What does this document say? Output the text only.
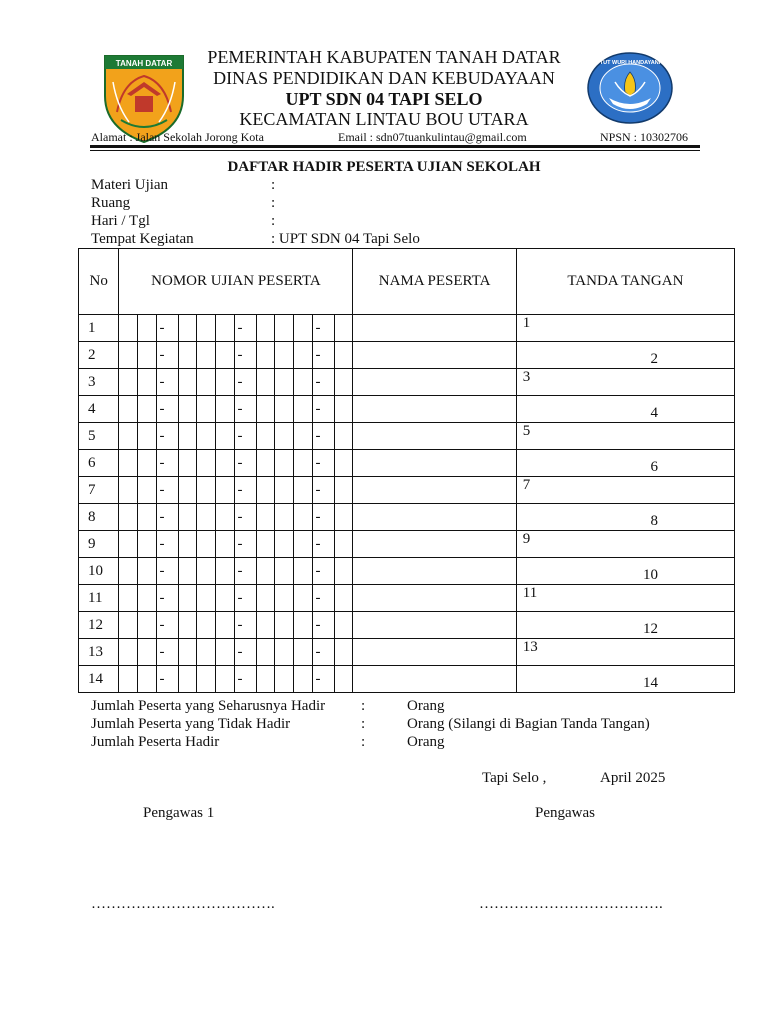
TANAH DATAR	TUT WURI HANDAYANI
PEMERINTAH KABUPATEN TANAH DATAR
DINAS PENDIDIKAN DAN KEBUDAYAAN
UPT SDN 04 TAPI SELO
KECAMATAN LINTAU BOU UTARA
Alamat : Jalan Sekolah Jorong Kota	Email : sdn07tuankulintau@gmail.com	NPSN : 10302706
DAFTAR HADIR PESERTA UJIAN SEKOLAH
Materi Ujian	:
Ruang	:
Hari / Tgl	:
Tempat Kegiatan	: UPT SDN 04 Tapi Selo
No	NOMOR UJIAN PESERTA												NAMA PESERTA	TANDA TANGAN
1			-				-				-			1
2			-				-				-			2
3			-				-				-			3
4			-				-				-			4
5			-				-				-			5
6			-				-				-			6
7			-				-				-			7
8			-				-				-			8
9			-				-				-			9
10			-				-				-			10
11			-				-				-			11
12			-				-				-			12
13			-				-				-			13
14			-				-				-			14
Jumlah Peserta yang Seharusnya Hadir :	Orang
Jumlah Peserta yang Tidak Hadir	:	Orang (Silangi di Bagian Tanda Tangan)
Jumlah Peserta Hadir	:	Orang
Tapi Selo ,	April 2025
Pengawas 1	Pengawas
……………………………….	……………………………….
